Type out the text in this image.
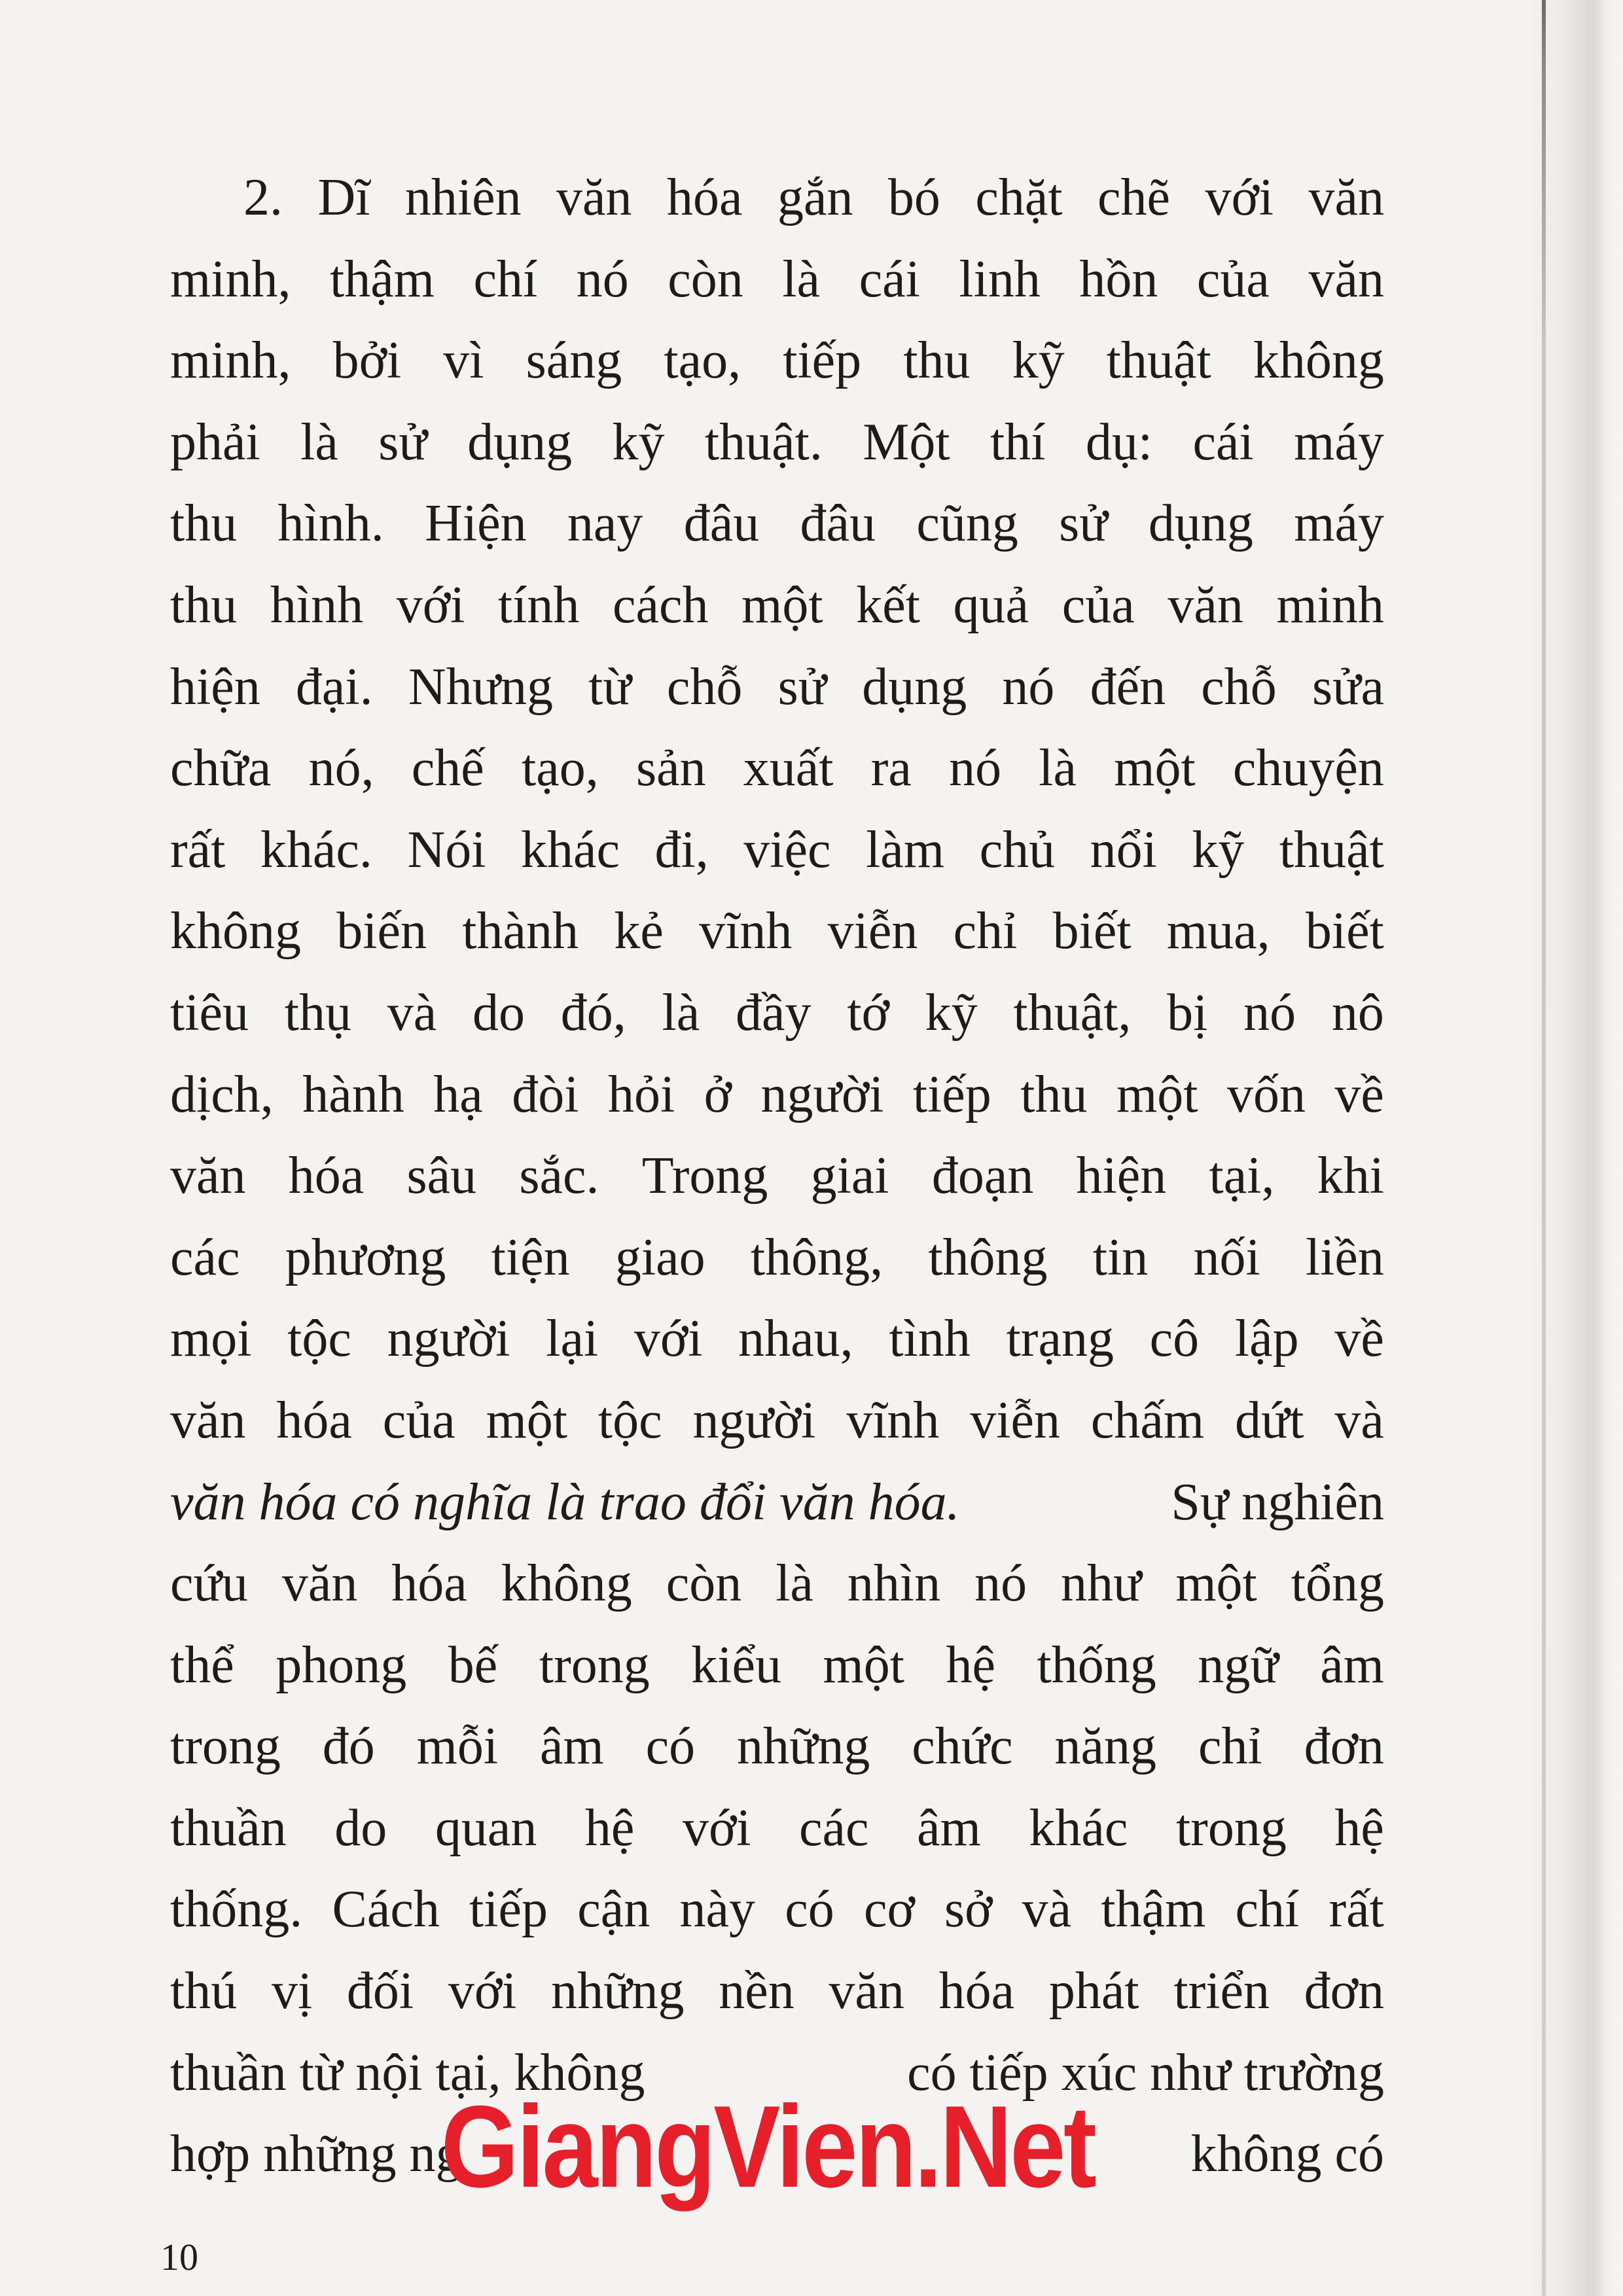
2. Dĩ nhiên văn hóa gắn bó chặt chẽ với văn
minh, thậm chí nó còn là cái linh hồn của văn
minh, bởi vì sáng tạo, tiếp thu kỹ thuật không
phải là sử dụng kỹ thuật. Một thí dụ: cái máy
thu hình. Hiện nay đâu đâu cũng sử dụng máy
thu hình với tính cách một kết quả của văn minh
hiện đại. Nhưng từ chỗ sử dụng nó đến chỗ sửa
chữa nó, chế tạo, sản xuất ra nó là một chuyện
rất khác. Nói khác đi, việc làm chủ nổi kỹ thuật
không biến thành kẻ vĩnh viễn chỉ biết mua, biết
tiêu thụ và do đó, là đầy tớ kỹ thuật, bị nó nô
dịch, hành hạ đòi hỏi ở người tiếp thu một vốn về
văn hóa sâu sắc. Trong giai đoạn hiện tại, khi
các phương tiện giao thông, thông tin nối liền
mọi tộc người lại với nhau, tình trạng cô lập về
văn hóa của một tộc người vĩnh viễn chấm dứt và
văn hóa có nghĩa là trao đổi văn hóa.	Sự nghiên
cứu văn hóa không còn là nhìn nó như một tổng
thể phong bế trong kiểu một hệ thống ngữ âm
trong đó mỗi âm có những chức năng chỉ đơn
thuần do quan hệ với các âm khác trong hệ
thống. Cách tiếp cận này có cơ sở và thậm chí rất
thú vị đối với những nền văn hóa phát triển đơn
thuần từ nội tại, không	có tiếp xúc như trường
hợp những ng	không có
GiangVien.Net
10
